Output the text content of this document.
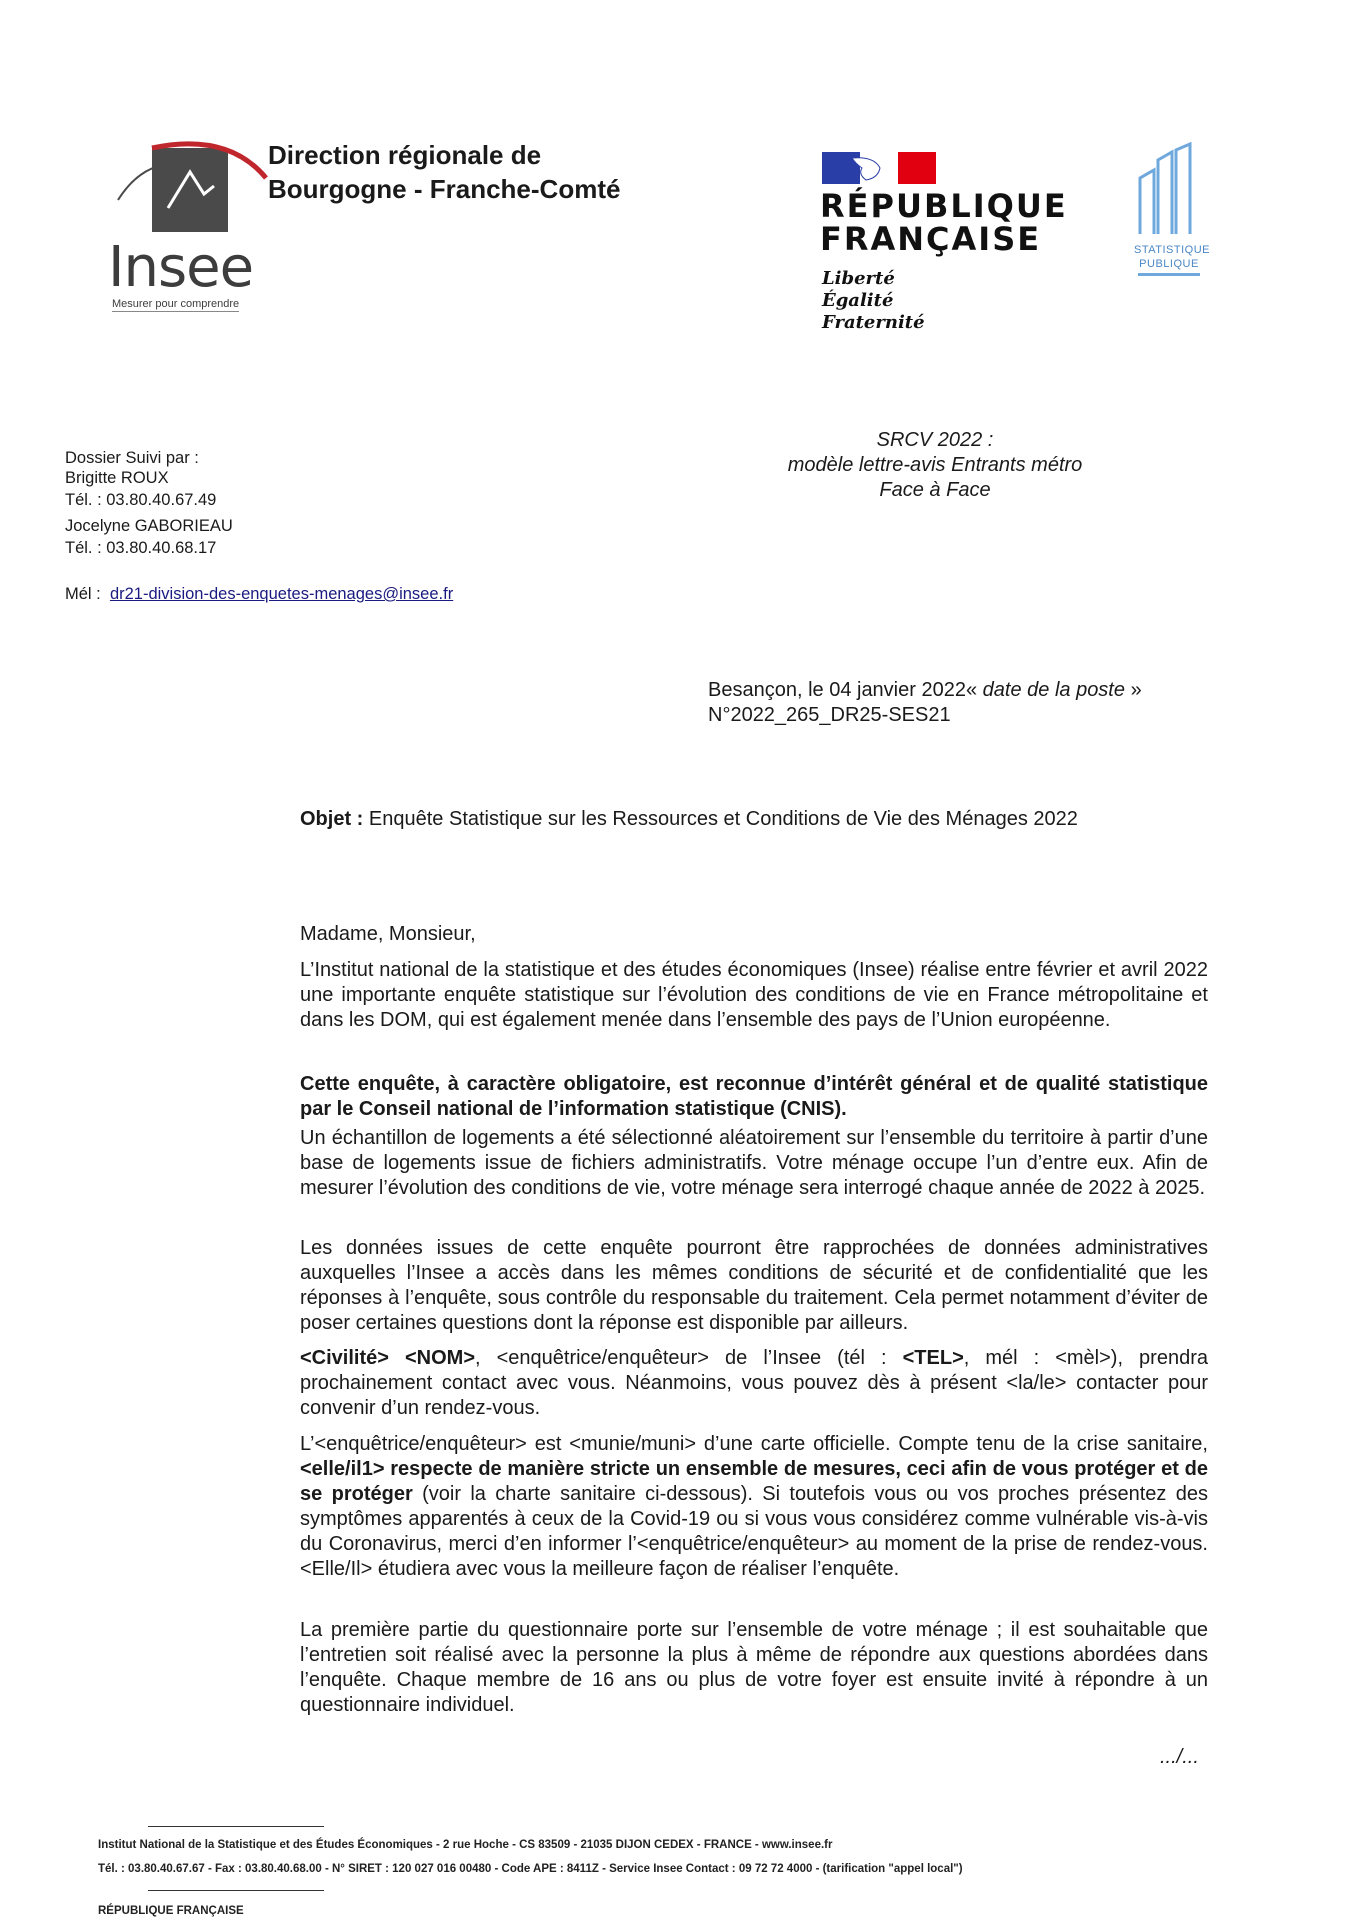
Insee
Mesurer pour comprendre
Direction régionale de
Bourgogne - Franche-Comté	RÉPUBLIQUE
FRANÇAISE
Liberté
Égalité
Fraternité
STATISTIQUE
PUBLIQUE
Dossier Suivi par :
Brigitte ROUX
Tél. : 03.80.40.67.49
Jocelyne GABORIEAU
Tél. : 03.80.40.68.17
Mél : dr21-division-des-enquetes-menages@insee.fr
SRCV 2022 :
modèle lettre-avis Entrants métro
Face à Face
Besançon, le 04 janvier 2022« date de la poste »
N°2022_265_DR25-SES21
Objet : Enquête Statistique sur les Ressources et Conditions de Vie des Ménages 2022
Madame, Monsieur,

L’Institut national de la statistique et des études économiques (Insee) réalise entre février et avril 2022 une importante enquête statistique sur l’évolution des conditions de vie en France métropolitaine et dans les DOM, qui est également menée dans l’ensemble des pays de l’Union européenne.

Cette enquête, à caractère obligatoire, est reconnue d’intérêt général et de qualité statistique par le Conseil national de l’information statistique (CNIS).

Un échantillon de logements a été sélectionné aléatoirement sur l’ensemble du territoire à partir d’une base de logements issue de fichiers administratifs. Votre ménage occupe l’un d’entre eux. Afin de mesurer l’évolution des conditions de vie, votre ménage sera interrogé chaque année de 2022 à 2025.

Les données issues de cette enquête pourront être rapprochées de données administratives auxquelles l’Insee a accès dans les mêmes conditions de sécurité et de confidentialité que les réponses à l’enquête, sous contrôle du responsable du traitement. Cela permet notamment d’éviter de poser certaines questions dont la réponse est disponible par ailleurs.

<Civilité> <NOM>, <enquêtrice/enquêteur> de l’Insee (tél : <TEL>, mél : <mèl>), prendra prochainement contact avec vous. Néanmoins, vous pouvez dès à présent <la/le> contacter pour convenir d’un rendez-vous.

L’<enquêtrice/enquêteur> est <munie/muni> d’une carte officielle. Compte tenu de la crise sanitaire, <elle/il1> respecte de manière stricte un ensemble de mesures, ceci afin de vous protéger et de se protéger (voir la charte sanitaire ci-dessous). Si toutefois vous ou vos proches présentez des symptômes apparentés à ceux de la Covid-19 ou si vous vous considérez comme vulnérable vis-à-vis du Coronavirus, merci d’en informer l’<enquêtrice/enquêteur> au moment de la prise de rendez-vous. <Elle/Il> étudiera avec vous la meilleure façon de réaliser l’enquête.

La première partie du questionnaire porte sur l’ensemble de votre ménage ; il est souhaitable que l’entretien soit réalisé avec la personne la plus à même de répondre aux questions abordées dans l’enquête. Chaque membre de 16 ans ou plus de votre foyer est ensuite invité à répondre à un questionnaire individuel.

.../...
Institut National de la Statistique et des Études Économiques - 2 rue Hoche - CS 83509 - 21035 DIJON CEDEX - FRANCE - www.insee.fr
Tél. : 03.80.40.67.67 - Fax : 03.80.40.68.00 - N° SIRET : 120 027 016 00480 - Code APE : 8411Z - Service Insee Contact : 09 72 72 4000 - (tarification "appel local")
RÉPUBLIQUE FRANÇAISE
